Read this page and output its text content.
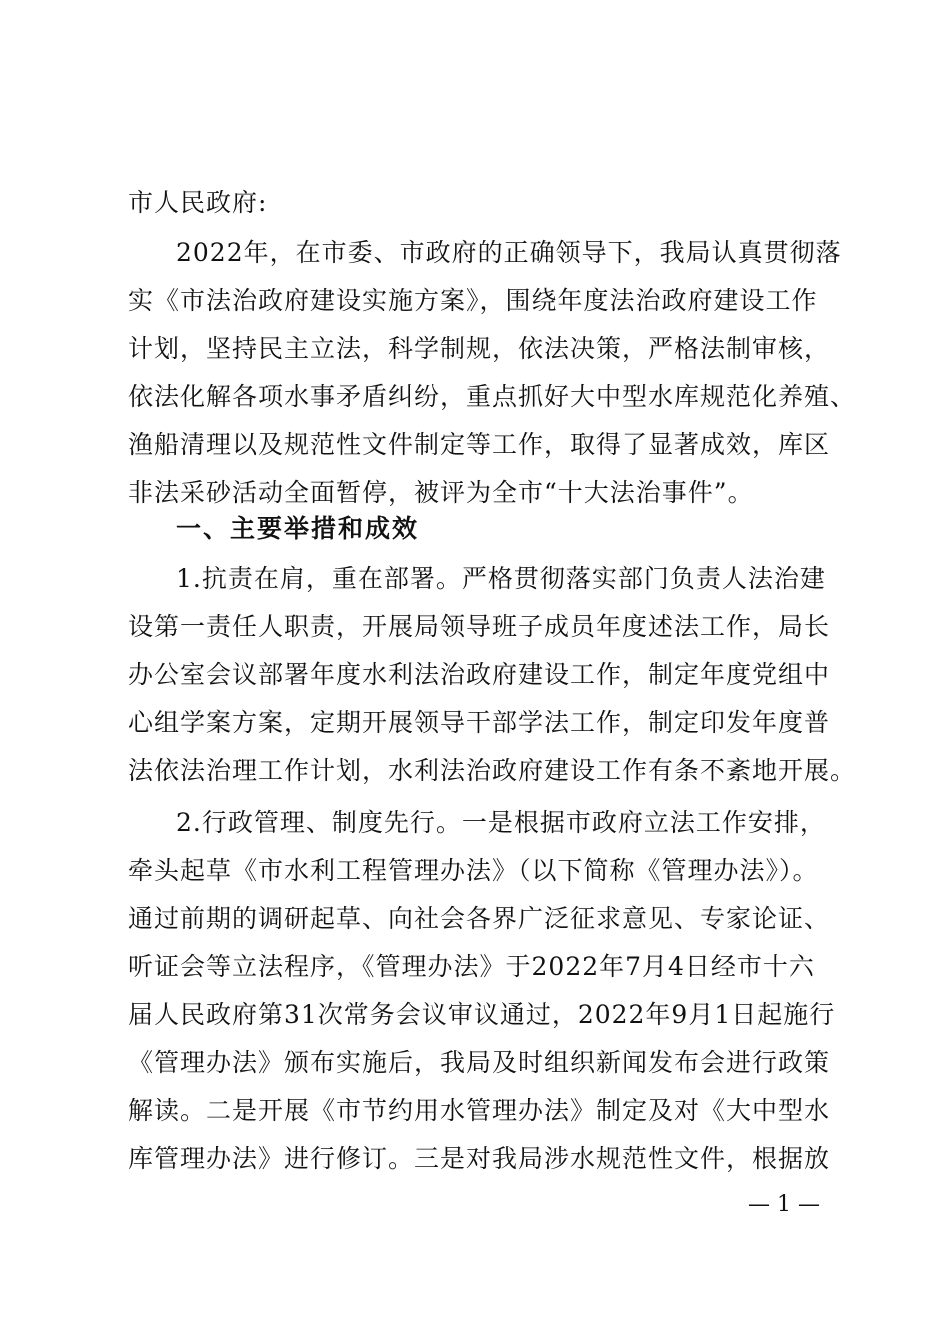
市人民政府:
2022年，在市委、市政府的正确领导下，我局认真贯彻落
实《市法治政府建设实施方案》，围绕年度法治政府建设工作
计划，坚持民主立法，科学制规，依法决策，严格法制审核，
依法化解各项水事矛盾纠纷，重点抓好大中型水库规范化养殖、
渔船清理以及规范性文件制定等工作，取得了显著成效，库区
非法采砂活动全面暂停，被评为全市“十大法治事件”。
一、主要举措和成效
1.抗责在肩，重在部署。严格贯彻落实部门负责人法治建
设第一责任人职责，开展局领导班子成员年度述法工作，局长
办公室会议部署年度水利法治政府建设工作，制定年度党组中
心组学案方案，定期开展领导干部学法工作，制定印发年度普
法依法治理工作计划，水利法治政府建设工作有条不紊地开展。
2.行政管理、制度先行。一是根据市政府立法工作安排，
牵头起草《市水利工程管理办法》（以下简称《管理办法》）。
通过前期的调研起草、向社会各界广泛征求意见、专家论证、
听证会等立法程序，《管理办法》于2022年7月4日经市十六
届人民政府第31次常务会议审议通过，2022年9月1日起施行
《管理办法》颁布实施后，我局及时组织新闻发布会进行政策
解读。二是开展《市节约用水管理办法》制定及对《大中型水
库管理办法》进行修订。三是对我局涉水规范性文件，根据放
— 1 —
